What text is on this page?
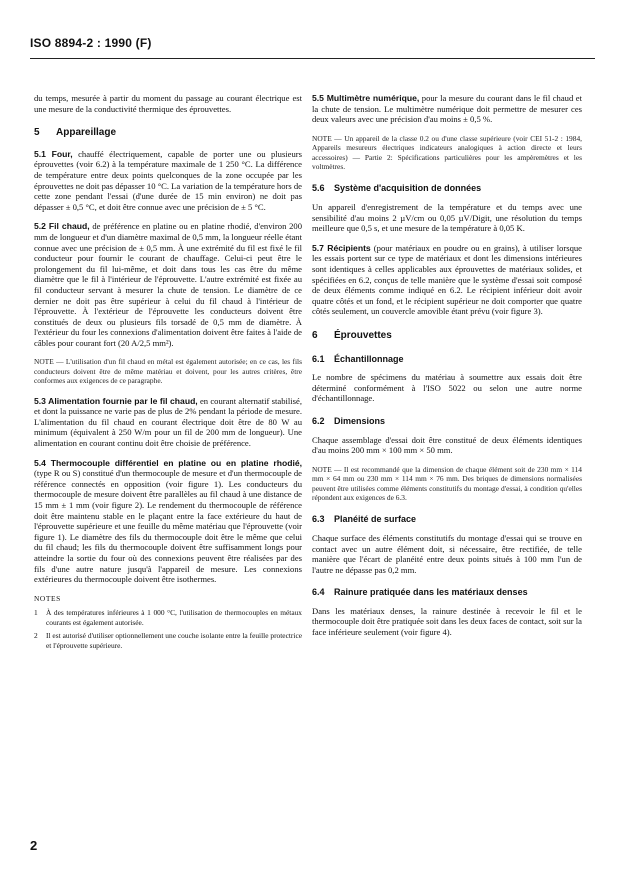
ISO 8894-2 : 1990 (F)

du temps, mesurée à partir du moment du passage au courant électrique est une mesure de la conductivité thermique des éprouvettes.

5 Appareillage

5.1 Four, chauffé électriquement, capable de porter une ou plusieurs éprouvettes (voir 6.2) à la température maximale de 1 250 °C. La différence de température entre deux points quelconques de la zone occupée par les éprouvettes ne doit pas dépasser 10 °C. La variation de la température hors de cette zone pendant l'essai (d'une durée de 15 min environ) ne doit pas dépasser ± 0,5 °C, et doit être connue avec une précision de ± 5 °C.

5.2 Fil chaud, de préférence en platine ou en platine rhodié, d'environ 200 mm de longueur et d'un diamètre maximal de 0,5 mm, la longueur réelle étant connue avec une précision de ± 0,5 mm. À une extrémité du fil est fixé le fil conducteur pour fournir le courant de chauffage. Celui-ci peut être le prolongement du fil lui-même, et doit dans tous les cas être du même diamètre que le fil à l'intérieur de l'éprouvette. L'autre extrémité est fixée au fil conducteur servant à mesurer la chute de tension. Le diamètre de ce dernier ne doit pas être supérieur à celui du fil chaud à l'intérieur de l'éprouvette. À l'extérieur de l'éprouvette les conducteurs doivent être constitués de deux ou plusieurs fils torsadé de 0,5 mm de diamètre. À l'extérieur du four les connexions d'alimentation doivent être faites à l'aide de câbles pour courant fort (20 A/2,5 mm²).

NOTE — L'utilisation d'un fil chaud en métal est également autorisée; en ce cas, les fils conducteurs doivent être de même matériau et doivent, pour les autres critères, être conformes aux exigences de ce paragraphe.

5.3 Alimentation fournie par le fil chaud, en courant alternatif stabilisé, et dont la puissance ne varie pas de plus de 2% pendant la période de mesure. L'alimentation du fil chaud en courant électrique doit être de 80 W au minimum (équivalent à 250 W/m pour un fil de 200 mm de longueur). Une alimentation en courant continu doit être choisie de préférence.

5.4 Thermocouple différentiel en platine ou en platine rhodié, (type R ou S) constitué d'un thermocouple de mesure et d'un thermocouple de référence connectés en opposition (voir figure 1). Les conducteurs du thermocouple de mesure doivent être parallèles au fil chaud à une distance de 15 mm ± 1 mm (voir figure 2). Le rendement du thermocouple de référence doit être maintenu stable en le plaçant entre la face extérieure du haut de l'éprouvette supérieure et une feuille du même matériau que l'éprouvette (voir figure 1). Le diamètre des fils du thermocouple doit être le même que celui du fil chaud; les fils du thermocouple doivent être suffisamment longs pour atteindre la sortie du four où des connexions peuvent être réalisées par des fils d'une autre nature jusqu'à l'appareil de mesure. Les connexions extérieures du thermocouple doivent être isothermes.

NOTES
1	À des températures inférieures à 1 000 °C, l'utilisation de thermocouples en métaux courants est également autorisée.
2	Il est autorisé d'utiliser optionnellement une couche isolante entre la feuille protectrice et l'éprouvette supérieure.

5.5 Multimètre numérique, pour la mesure du courant dans le fil chaud et la chute de tension. Le multimètre numérique doit permettre de mesurer ces deux valeurs avec une précision d'au moins ± 0,5 %.

NOTE — Un appareil de la classe 0.2 ou d'une classe supérieure (voir CEI 51-2 : 1984, Appareils mesureurs électriques indicateurs analogiques à action directe et leurs accessoires) — Partie 2: Spécifications particulières pour les ampèremètres et les voltmètres.

5.6 Système d'acquisition de données

Un appareil d'enregistrement de la température et du temps avec une sensibilité d'au moins 2 µV/cm ou 0,05 µV/Digit, une résolution du temps meilleure que 0,5 s, et une mesure de la température à 0,05 K.

5.7 Récipients (pour matériaux en poudre ou en grains), à utiliser lorsque les essais portent sur ce type de matériaux et dont les dimensions intérieures sont identiques à celles applicables aux éprouvettes de matériaux solides, et spécifiées en 6.2, conçus de telle manière que le système d'essai soit composé de deux éléments comme indiqué en 6.2. Le récipient inférieur doit avoir quatre côtés et un fond, et le récipient supérieur ne doit comporter que quatre côtés seulement, un couvercle amovible étant prévu (voir figure 3).

6 Éprouvettes
6.1 Échantillonnage

Le nombre de spécimens du matériau à soumettre aux essais doit être déterminé conformément à l'ISO 5022 ou selon une autre norme d'échantillonnage.

6.2 Dimensions

Chaque assemblage d'essai doit être constitué de deux éléments identiques d'au moins 200 mm × 100 mm × 50 mm.

NOTE — Il est recommandé que la dimension de chaque élément soit de 230 mm × 114 mm × 64 mm ou 230 mm × 114 mm × 76 mm. Des briques de dimensions normalisées peuvent être utilisées comme éléments constitutifs du montage d'essai, à condition qu'elles répondent aux exigences de 6.3.

6.3 Planéité de surface

Chaque surface des éléments constitutifs du montage d'essai qui se trouve en contact avec un autre élément doit, si nécessaire, être rectifiée, de telle manière que l'écart de planéité entre deux points situés à 100 mm l'un de l'autre ne dépasse pas 0,2 mm.

6.4 Rainure pratiquée dans les matériaux denses

Dans les matériaux denses, la rainure destinée à recevoir le fil et le thermocouple doit être pratiquée soit dans les deux faces de contact, soit sur la face inférieure seulement (voir figure 4).

2
